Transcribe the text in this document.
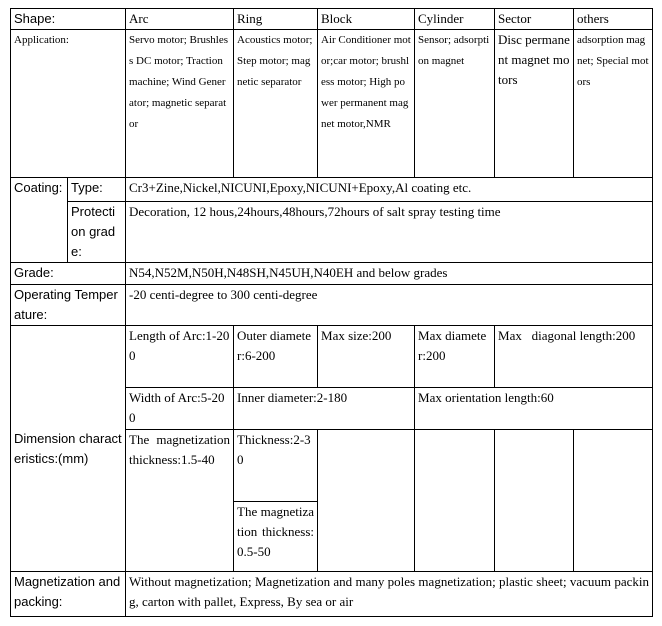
Shape:		Arc	Ring	Block	Cylinder	Sector	others
Application:		Servo motor; Brushless DC motor; Traction machine; Wind Generator; magnetic separator	Acoustics motor; Step motor; magnetic separator	Air Conditioner motor;car motor; brushless motor; High power permanent magnet motor,NMR	Sensor; adsorption magnet	Disc permanent magnet motors	adsorption magnet; Special motors
Coating:	Type:	Cr3+Zine,Nickel,NICUNI,Epoxy,NICUNI+Epoxy,Al coating etc.					
	Protection grade:	Decoration, 12 hous,24hours,48hours,72hours of salt spray testing time					
Grade:		N54,N52M,N50H,N48SH,N45UH,N40EH and below grades					
Operating Temperature:		-20 centi-degree to 300 centi-degree					
Dimension characteristics:(mm)		Length of Arc:1-200	Outer diameter:6-200	Max size:200	Max diameter:200	Max   diagonal length:200	
		Width of Arc:5-200	Inner diameter:2-180		Max orientation length:60		
		The magnetization thickness:1.5-40	Thickness:2-30				
			The magnetization thickness:0.5-50				
Magnetization and packing:		Without magnetization; Magnetization and many poles magnetization; plastic sheet; vacuum packing, carton with pallet, Express, By sea or air					
